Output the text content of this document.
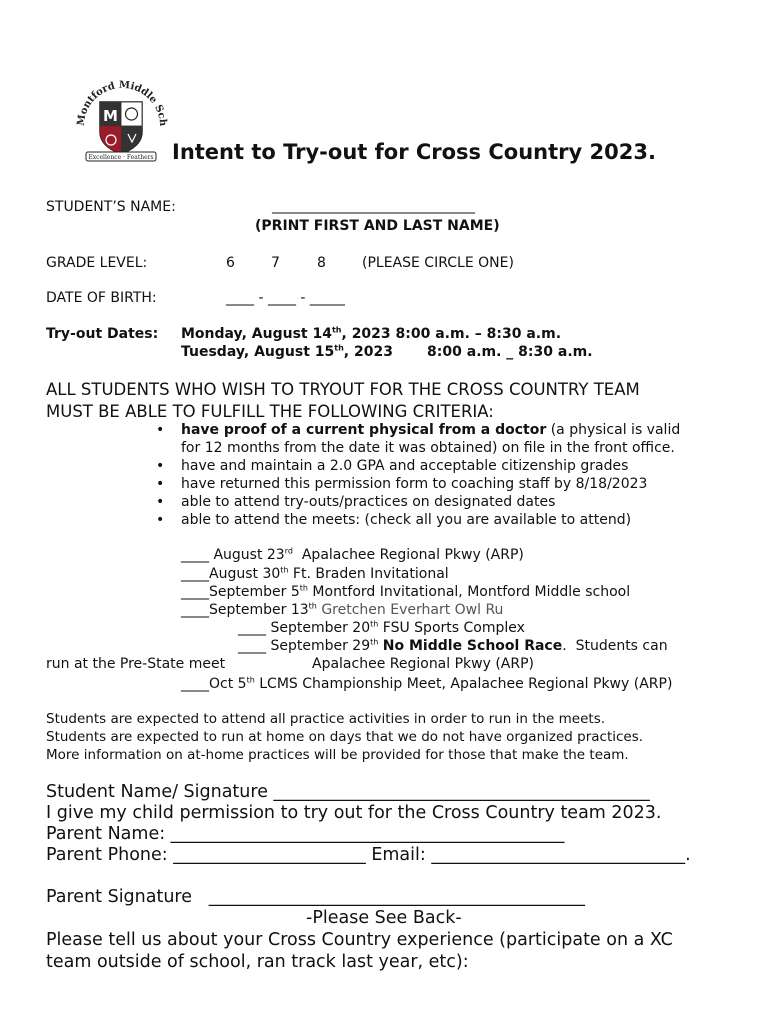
Montford Middle Sch
M
Excellence · Feathers Intent to Try-out for Cross Country 2023.
STUDENT’S NAME:	_____________________________
(PRINT FIRST AND LAST NAME)
GRADE LEVEL:	6	7	8	(PLEASE CIRCLE ONE)
DATE OF BIRTH:	____ - ____ - _____
Try-out Dates: Monday, August 14th, 2023 8:00 a.m. – 8:30 a.m.
Tuesday, August 15th, 2023       8:00 a.m. _ 8:30 a.m.
ALL STUDENTS WHO WISH TO TRYOUT FOR THE CROSS COUNTRY TEAM
MUST BE ABLE TO FULFILL THE FOLLOWING CRITERIA:
• have proof of a current physical from a doctor (a physical is valid
for 12 months from the date it was obtained) on file in the front office.
• have and maintain a 2.0 GPA and acceptable citizenship grades
• have returned this permission form to coaching staff by 8/18/2023
• able to attend try-outs/practices on designated dates
• able to attend the meets: (check all you are available to attend)
____ August 23rd  Apalachee Regional Pkwy (ARP)
____August 30th Ft. Braden Invitational
____September 5th Montford Invitational, Montford Middle school
____September 13th Gretchen Everhart Owl Ru
____ September 20th FSU Sports Complex
____ September 29th No Middle School Race.  Students can
run at the Pre-State meet	Apalachee Regional Pkwy (ARP)
____Oct 5th LCMS Championship Meet, Apalachee Regional Pkwy (ARP)
Students are expected to attend all practice activities in order to run in the meets.
Students are expected to run at home on days that we do not have organized practices.
More information on at-home practices will be provided for those that make the team.
Student Name/ Signature ___________________________________________
I give my child permission to try out for the Cross Country team 2023.
Parent Name: _____________________________________________
Parent Phone: ______________________ Email: _____________________________.
Parent Signature   ___________________________________________
-Please See Back-
Please tell us about your Cross Country experience (participate on a XC
team outside of school, ran track last year, etc):
